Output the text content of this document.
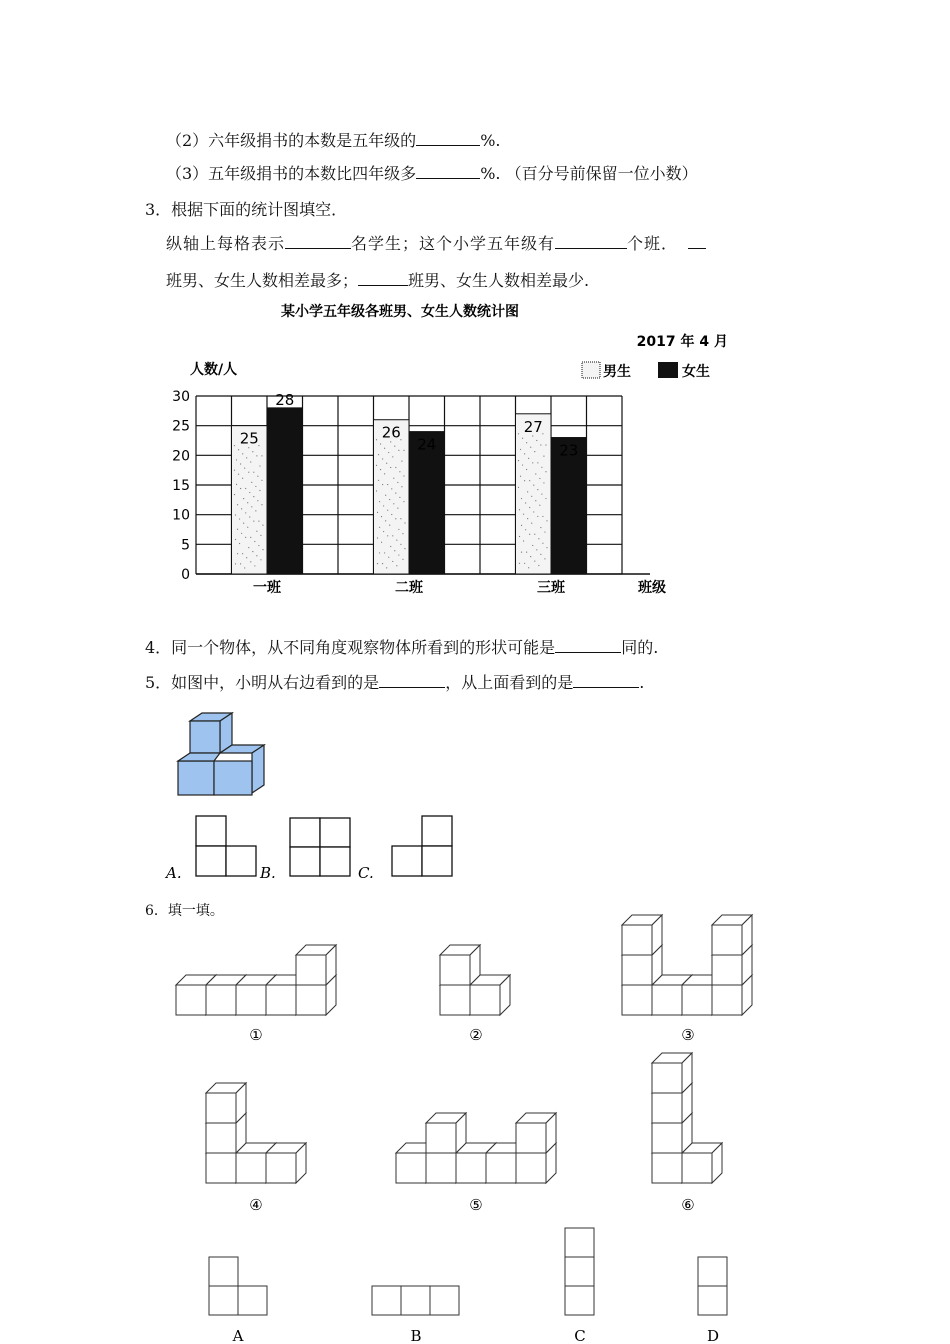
（2）六年级捐书的本数是五年级的	%.
（3）五年级捐书的本数比四年级多	%. （百分号前保留一位小数）
3．根据下面的统计图填空．
纵轴上每格表示	名学生；这个小学五年级有	个班．
班男、女生人数相差最多；	班男、女生人数相差最少.
某小学五年级各班男、女生人数统计图
2017 年 4 月
人数/人	男生	女生
25
28
26
24
27
23
0
5
10
15
20
25
30
一班	二班	三班	班级
4．同一个物体，从不同角度观察物体所看到的形状可能是	同的.
5．如图中，小明从右边看到的是	，从上面看到的是	.
A.	B.	C.
6．填一填。
①	②	③
④	⑤	⑥
A	B	C	D
